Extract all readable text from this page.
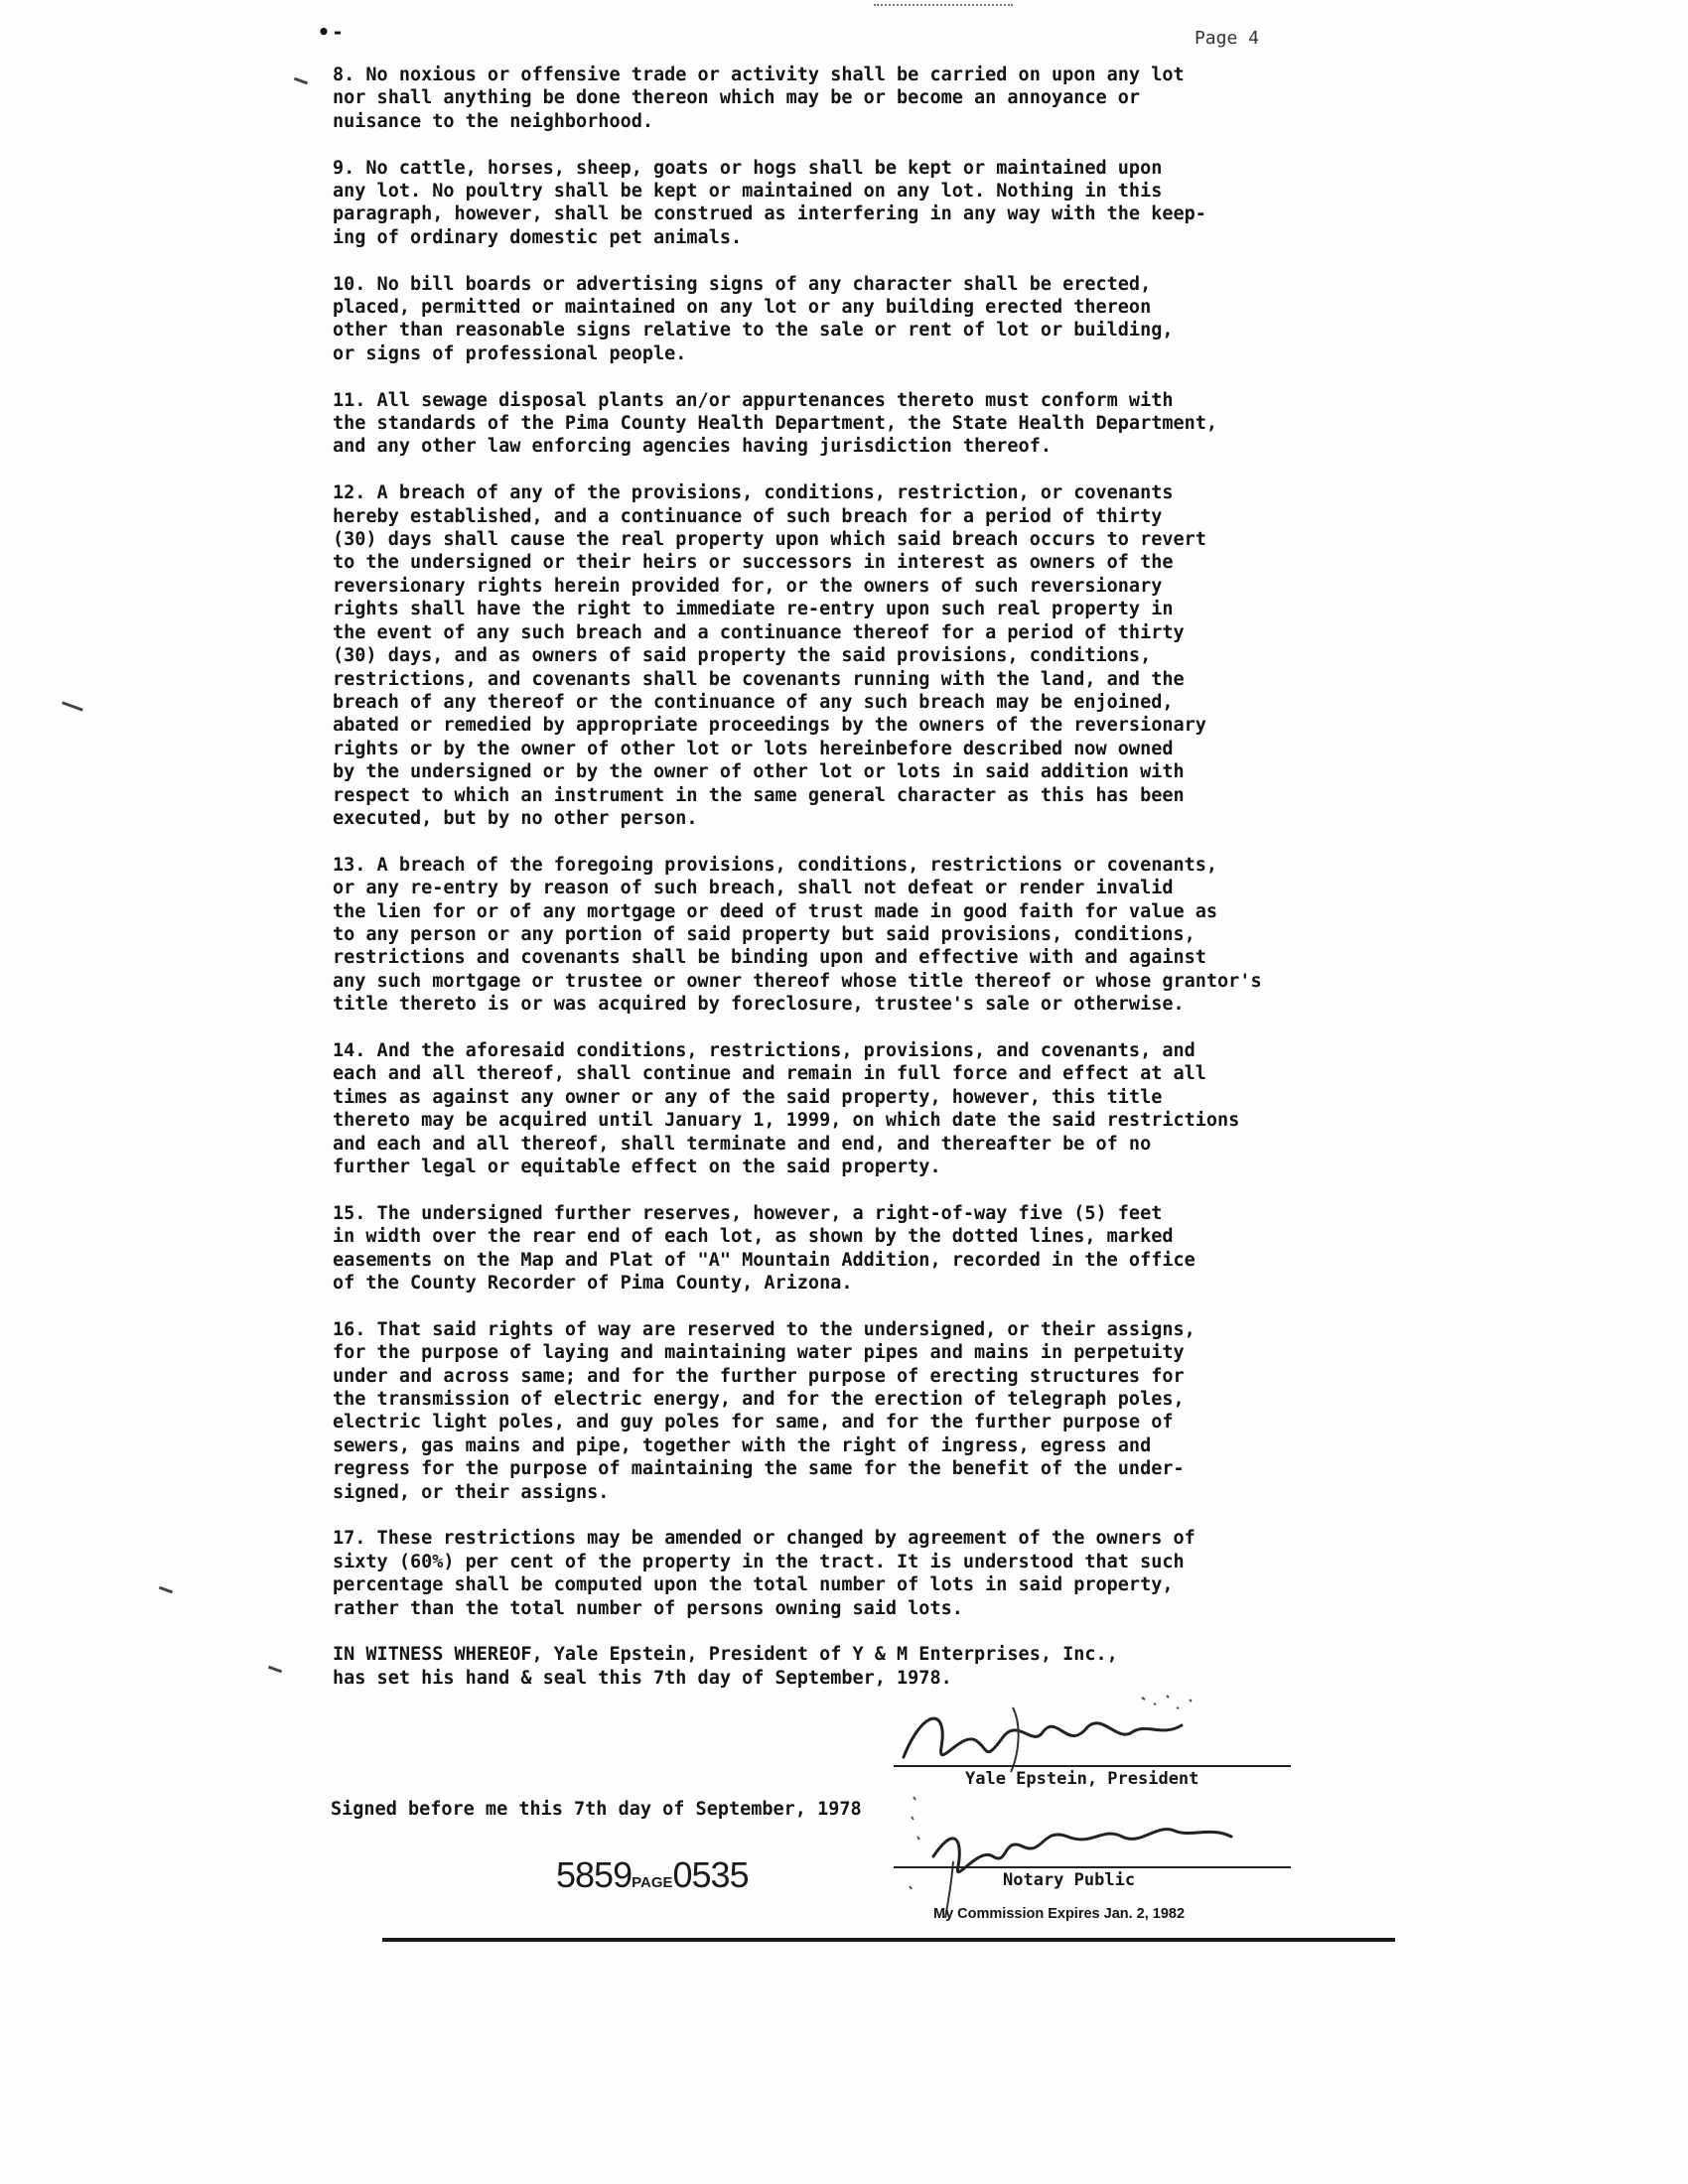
•-	Page 4

8. No noxious or offensive trade or activity shall be carried on upon any lot
nor shall anything be done thereon which may be or become an annoyance or
nuisance to the neighborhood.

9. No cattle, horses, sheep, goats or hogs shall be kept or maintained upon
any lot. No poultry shall be kept or maintained on any lot. Nothing in this
paragraph, however, shall be construed as interfering in any way with the keep-
ing of ordinary domestic pet animals.

10. No bill boards or advertising signs of any character shall be erected,
placed, permitted or maintained on any lot or any building erected thereon
other than reasonable signs relative to the sale or rent of lot or building,
or signs of professional people.

11. All sewage disposal plants an/or appurtenances thereto must conform with
the standards of the Pima County Health Department, the State Health Department,
and any other law enforcing agencies having jurisdiction thereof.

12. A breach of any of the provisions, conditions, restriction, or covenants
hereby established, and a continuance of such breach for a period of thirty
(30) days shall cause the real property upon which said breach occurs to revert
to the undersigned or their heirs or successors in interest as owners of the
reversionary rights herein provided for, or the owners of such reversionary
rights shall have the right to immediate re-entry upon such real property in
the event of any such breach and a continuance thereof for a period of thirty
(30) days, and as owners of said property the said provisions, conditions,
restrictions, and covenants shall be covenants running with the land, and the
breach of any thereof or the continuance of any such breach may be enjoined,
abated or remedied by appropriate proceedings by the owners of the reversionary
rights or by the owner of other lot or lots hereinbefore described now owned
by the undersigned or by the owner of other lot or lots in said addition with
respect to which an instrument in the same general character as this has been
executed, but by no other person.

13. A breach of the foregoing provisions, conditions, restrictions or covenants,
or any re-entry by reason of such breach, shall not defeat or render invalid
the lien for or of any mortgage or deed of trust made in good faith for value as
to any person or any portion of said property but said provisions, conditions,
restrictions and covenants shall be binding upon and effective with and against
any such mortgage or trustee or owner thereof whose title thereof or whose grantor's
title thereto is or was acquired by foreclosure, trustee's sale or otherwise.

14. And the aforesaid conditions, restrictions, provisions, and covenants, and
each and all thereof, shall continue and remain in full force and effect at all
times as against any owner or any of the said property, however, this title
thereto may be acquired until January 1, 1999, on which date the said restrictions
and each and all thereof, shall terminate and end, and thereafter be of no
further legal or equitable effect on the said property.

15. The undersigned further reserves, however, a right-of-way five (5) feet
in width over the rear end of each lot, as shown by the dotted lines, marked
easements on the Map and Plat of "A" Mountain Addition, recorded in the office
of the County Recorder of Pima County, Arizona.

16. That said rights of way are reserved to the undersigned, or their assigns,
for the purpose of laying and maintaining water pipes and mains in perpetuity
under and across same; and for the further purpose of erecting structures for
the transmission of electric energy, and for the erection of telegraph poles,
electric light poles, and guy poles for same, and for the further purpose of
sewers, gas mains and pipe, together with the right of ingress, egress and
regress for the purpose of maintaining the same for the benefit of the under-
signed, or their assigns.

17. These restrictions may be amended or changed by agreement of the owners of
sixty (60%) per cent of the property in the tract. It is understood that such
percentage shall be computed upon the total number of lots in said property,
rather than the total number of persons owning said lots.

IN WITNESS WHEREOF, Yale Epstein, President of Y & M Enterprises, Inc.,
has set his hand & seal this 7th day of September, 1978.

Yale Epstein, President
Notary Public
Signed before me this 7th day of September, 1978
5859PAGE0535
My Commission Expires Jan. 2, 1982
